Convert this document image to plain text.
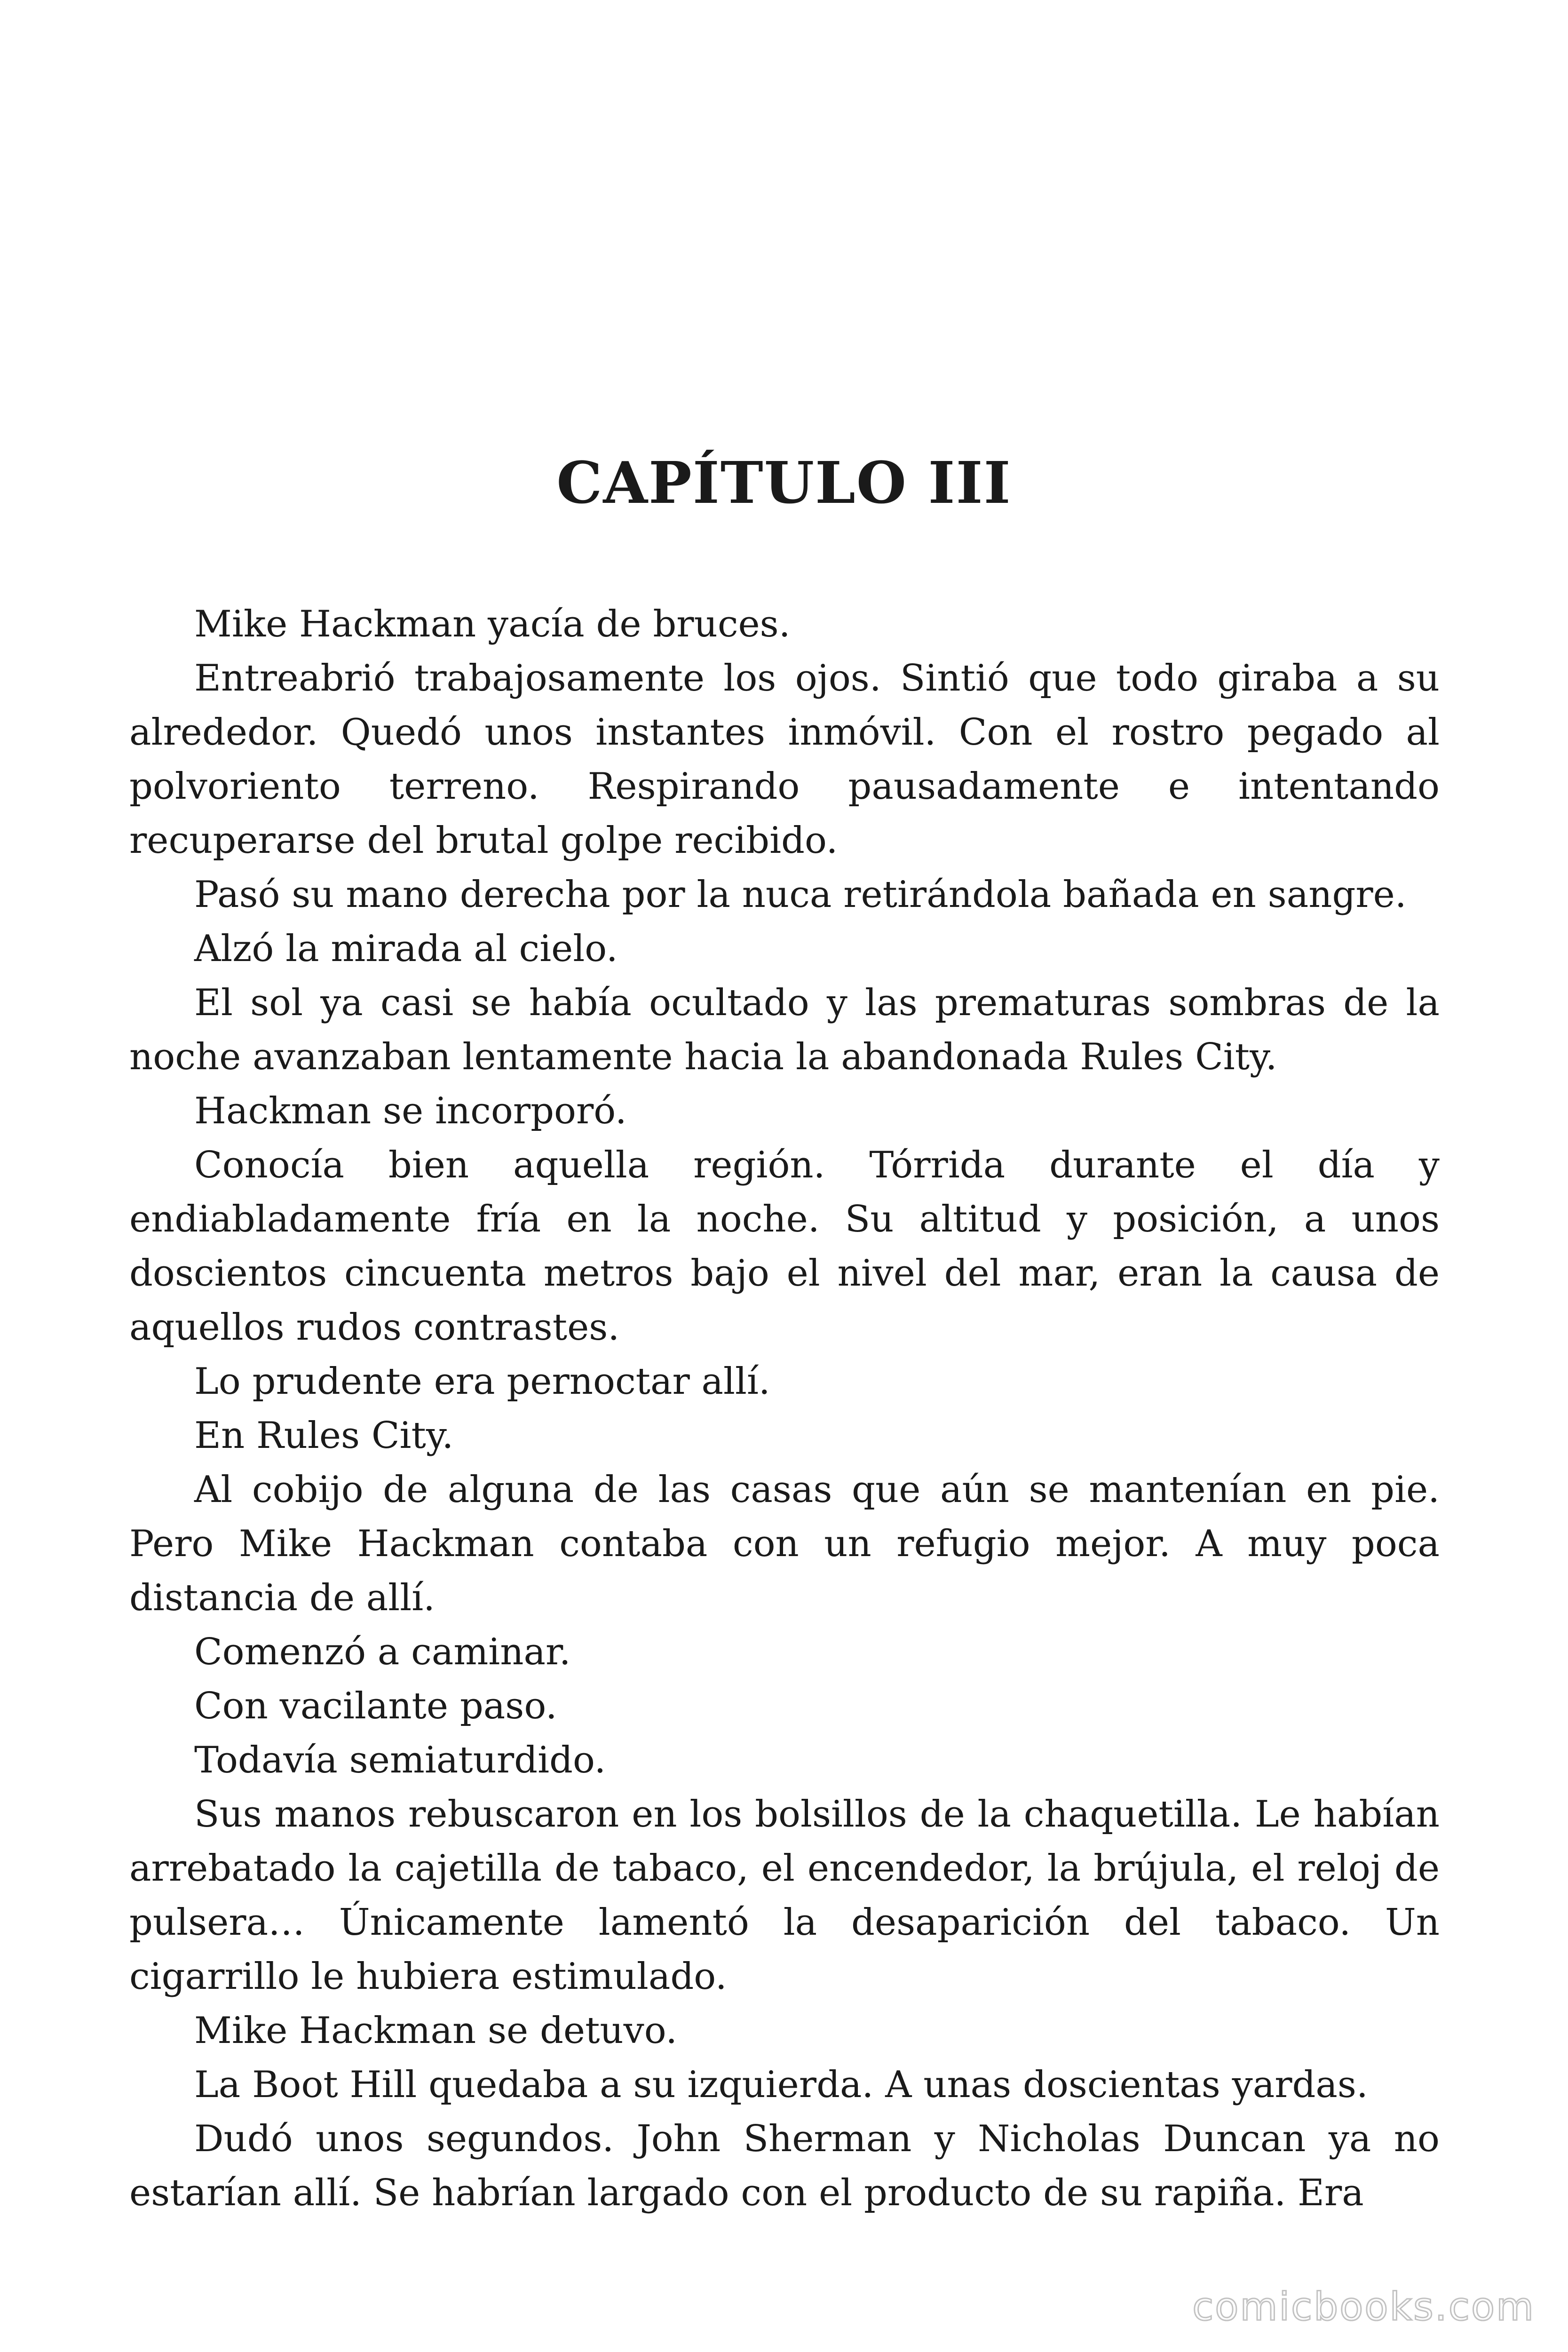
CAPÍTULO III

Mike Hackman yacía de bruces.

Entreabrió trabajosamente los ojos. Sintió que todo giraba a su alrededor. Quedó unos instantes inmóvil. Con el rostro pegado al polvoriento terreno. Respirando pausadamente e intentando recuperarse del brutal golpe recibido.

Pasó su mano derecha por la nuca retirándola bañada en sangre.

Alzó la mirada al cielo.

El sol ya casi se había ocultado y las prematuras sombras de la noche avanzaban lentamente hacia la abandonada Rules City.

Hackman se incorporó.

Conocía bien aquella región. Tórrida durante el día y endiabladamente fría en la noche. Su altitud y posición, a unos doscientos cincuenta metros bajo el nivel del mar, eran la causa de aquellos rudos contrastes.

Lo prudente era pernoctar allí.

En Rules City.

Al cobijo de alguna de las casas que aún se mantenían en pie. Pero Mike Hackman contaba con un refugio mejor. A muy poca distancia de allí.

Comenzó a caminar.

Con vacilante paso.

Todavía semiaturdido.

Sus manos rebuscaron en los bolsillos de la chaquetilla. Le habían arrebatado la cajetilla de tabaco, el encendedor, la brújula, el reloj de pulsera… Únicamente lamentó la desaparición del tabaco. Un cigarrillo le hubiera estimulado.

Mike Hackman se detuvo.

La Boot Hill quedaba a su izquierda. A unas doscientas yardas.

Dudó unos segundos. John Sherman y Nicholas Duncan ya no estarían allí. Se habrían largado con el producto de su rapiña. Era

comicbooks.com
